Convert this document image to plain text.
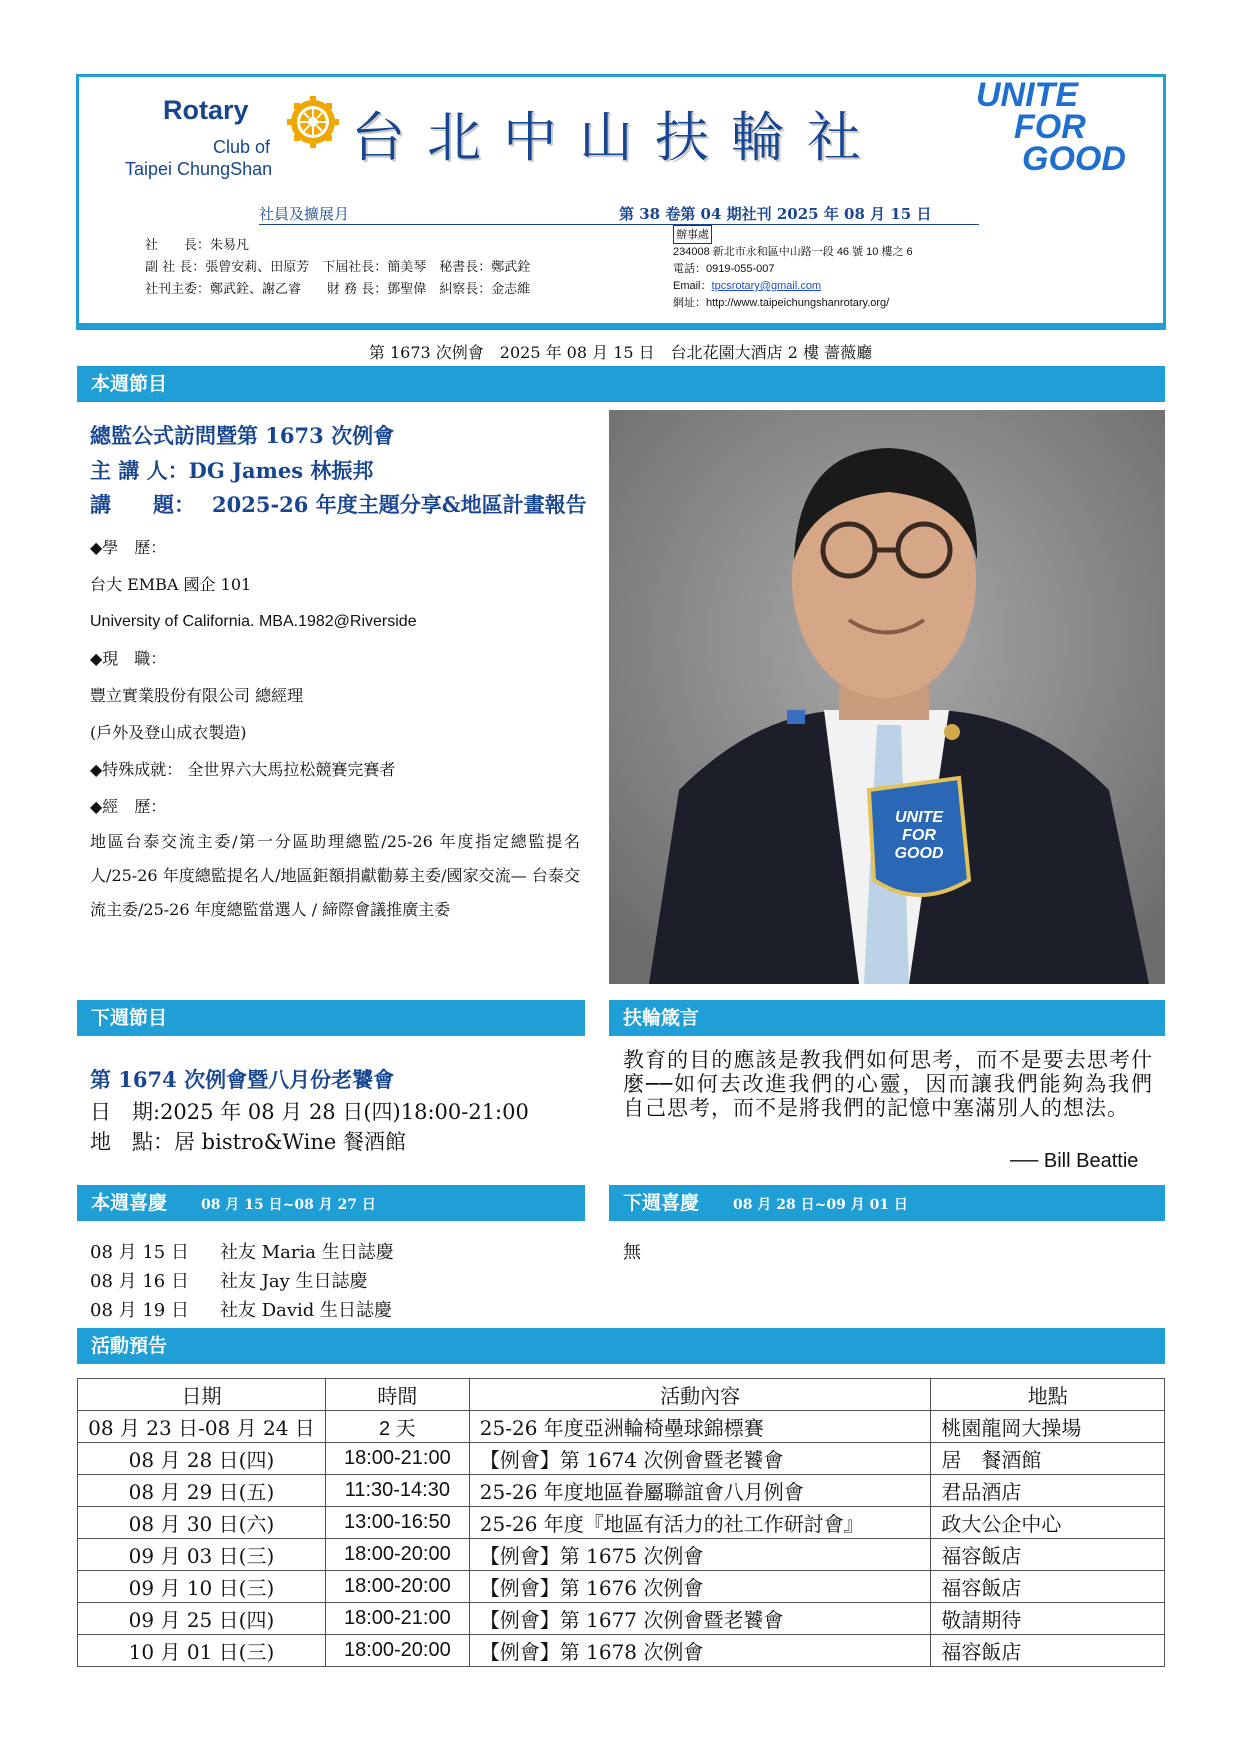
Rotary
Club of
Taipei ChungShan 台北中山扶輪社
UNITE
FOR
GOOD
社員及擴展月	第 38 卷第 04 期社刊 2025 年 08 月 15 日
社　　長：朱易凡
副 社 長：張曾安莉、田原芳　下屆社長：簡美琴　秘書長：鄭武銓
社刊主委：鄭武銓、謝乙睿　　財 務 長：鄧聖偉　糾察長：金志維
辦事處
234008 新北市永和區中山路一段 46 號 10 樓之 6
電話：0919-055-007
Email：tpcsrotary@gmail.com
網址：http://www.taipeichungshanrotary.org/
第 1673 次例會　2025 年 08 月 15 日　台北花園大酒店 2 樓 薔薇廳
本週節目
總監公式訪問暨第 1673 次例會
主 講 人：DG James 林振邦
講　　題： 2025-26 年度主題分享&地區計畫報告
◆學　歷：
台大 EMBA 國企 101
University of California. MBA.1982@Riverside
◆現　職：
豐立實業股份有限公司 總經理
(戶外及登山成衣製造)
◆特殊成就： 全世界六大馬拉松競賽完賽者
◆經　歷：
地區台泰交流主委/第一分區助理總監/25-26 年度指定總監提名人/25-26 年度總監提名人/地區鉅額捐獻勸募主委/國家交流— 台泰交流主委/25-26 年度總監當選人 / 締際會議推廣主委
UNITE
FOR
GOOD
下週節目	扶輪箴言
第 1674 次例會暨八月份老饕會
日　期:2025 年 08 月 28 日(四)18:00-21:00
地　點：居 bistro&Wine 餐酒館
教育的目的應該是教我們如何思考，而不是要去思考什麼──如何去改進我們的心靈，因而讓我們能夠為我們自己思考，而不是將我們的記憶中塞滿別人的想法。
── Bill Beattie
本週喜慶 08 月 15 日~08 月 27 日	下週喜慶 08 月 28 日~09 月 01 日
08 月 15 日 社友 Maria 生日誌慶
08 月 16 日 社友 Jay 生日誌慶
08 月 19 日 社友 David 生日誌慶
無
活動預告
日期	時間	活動內容	地點
08 月 23 日-08 月 24 日	2 天	25-26 年度亞洲輪椅壘球錦標賽	桃園龍岡大操場
08 月 28 日(四)	18:00-21:00	【例會】第 1674 次例會暨老饕會	居　餐酒館
08 月 29 日(五)	11:30-14:30	25-26 年度地區眷屬聯誼會八月例會	君品酒店
08 月 30 日(六)	13:00-16:50	25-26 年度『地區有活力的社工作研討會』	政大公企中心
09 月 03 日(三)	18:00-20:00	【例會】第 1675 次例會	福容飯店
09 月 10 日(三)	18:00-20:00	【例會】第 1676 次例會	福容飯店
09 月 25 日(四)	18:00-21:00	【例會】第 1677 次例會暨老饕會	敬請期待
10 月 01 日(三)	18:00-20:00	【例會】第 1678 次例會	福容飯店
